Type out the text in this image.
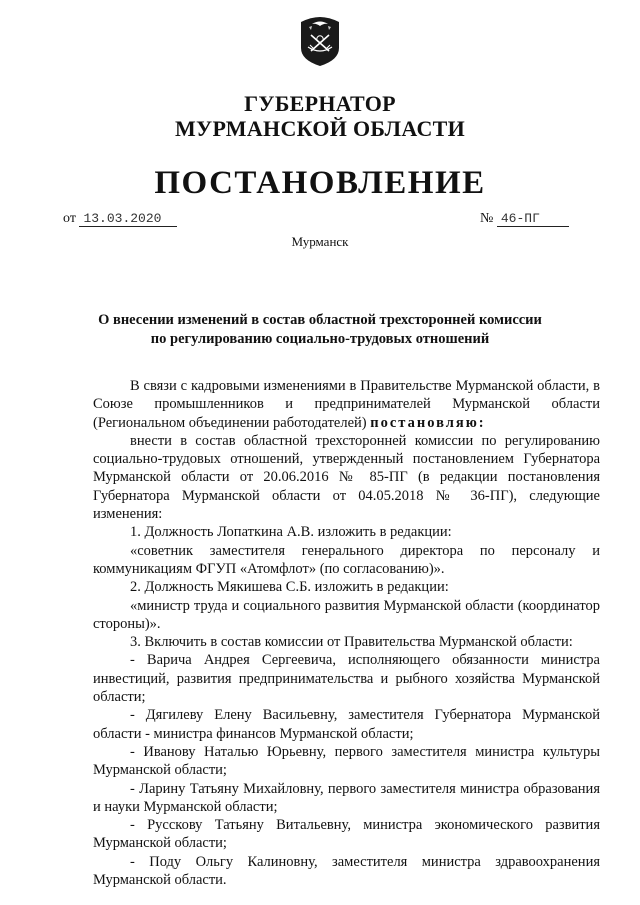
ГУБЕРНАТОР
МУРМАНСКОЙ ОБЛАСТИ
ПОСТАНОВЛЕНИЕ
от 13.03.2020	№ 46-ПГ
Мурманск
О внесении изменений в состав областной трехсторонней комиссии
по регулированию социально-трудовых отношений

В связи с кадровыми изменениями в Правительстве Мурманской области, в Союзе промышленников и предпринимателей Мурманской области (Региональном объединении работодателей) постановляю:

внести в состав областной трехсторонней комиссии по регулированию социально-трудовых отношений, утвержденный постановлением Губернатора Мурманской области от 20.06.2016 № 85-ПГ (в редакции постановления Губернатора Мурманской области от 04.05.2018 № 36-ПГ), следующие изменения:

1. Должность Лопаткина А.В. изложить в редакции:

«советник заместителя генерального директора по персоналу и коммуникациям ФГУП «Атомфлот» (по согласованию)».

2. Должность Мякишева С.Б. изложить в редакции:

«министр труда и социального развития Мурманской области (координатор стороны)».

3. Включить в состав комиссии от Правительства Мурманской области:

- Варича Андрея Сергеевича, исполняющего обязанности министра инвестиций, развития предпринимательства и рыбного хозяйства Мурманской области;

- Дягилеву Елену Васильевну, заместителя Губернатора Мурманской области - министра финансов Мурманской области;

- Иванову Наталью Юрьевну, первого заместителя министра культуры Мурманской области;

- Ларину Татьяну Михайловну, первого заместителя министра образования и науки Мурманской области;

- Русскову Татьяну Витальевну, министра экономического развития Мурманской области;

- Поду Ольгу Калиновну, заместителя министра здравоохранения Мурманской области.
